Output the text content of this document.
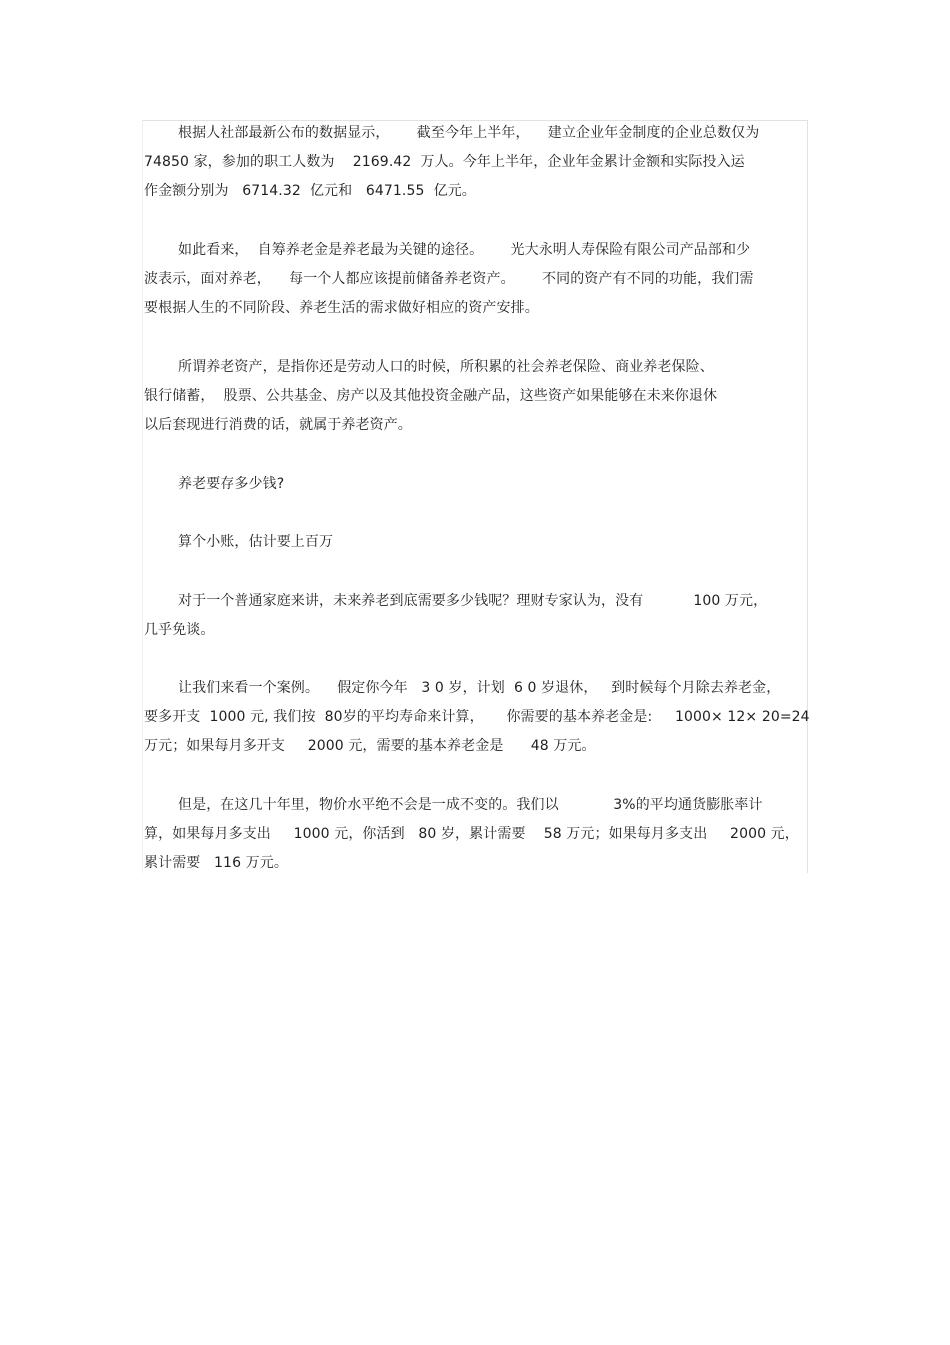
根据人社部最新公布的数据显示，      截至今年上半年，    建立企业年金制度的企业总数仅为
74850 家，参加的职工人数为    2169.42  万人。今年上半年，企业年金累计金额和实际投入运
作金额分别为   6714.32  亿元和   6471.55  亿元。
如此看来，  自筹养老金是养老最为关键的途径。      光大永明人寿保险有限公司产品部和少
波表示，面对养老，    每一个人都应该提前储备养老资产。      不同的资产有不同的功能，我们需
要根据人生的不同阶段、养老生活的需求做好相应的资产安排。
所谓养老资产，是指你还是劳动人口的时候，所积累的社会养老保险、商业养老保险、
银行储蓄，  股票、公共基金、房产以及其他投资金融产品，这些资产如果能够在未来你退休
以后套现进行消费的话，就属于养老资产。
养老要存多少钱?
算个小账，估计要上百万
对于一个普通家庭来讲，未来养老到底需要多少钱呢？理财专家认为，没有           100 万元，
几乎免谈。
让我们来看一个案例。    假定你今年   3 0 岁，计划  6 0 岁退休，   到时候每个月除去养老金，
要多开支  1000 元, 我们按  80岁的平均寿命来计算，     你需要的基本养老金是:     1000× 12× 20=24
万元；如果每月多开支     2000 元，需要的基本养老金是      48 万元。
但是，在这几十年里，物价水平绝不会是一成不变的。我们以            3%的平均通货膨胀率计
算，如果每月多支出     1000 元，你活到   80 岁，累计需要    58 万元；如果每月多支出     2000 元，
累计需要   116 万元。
